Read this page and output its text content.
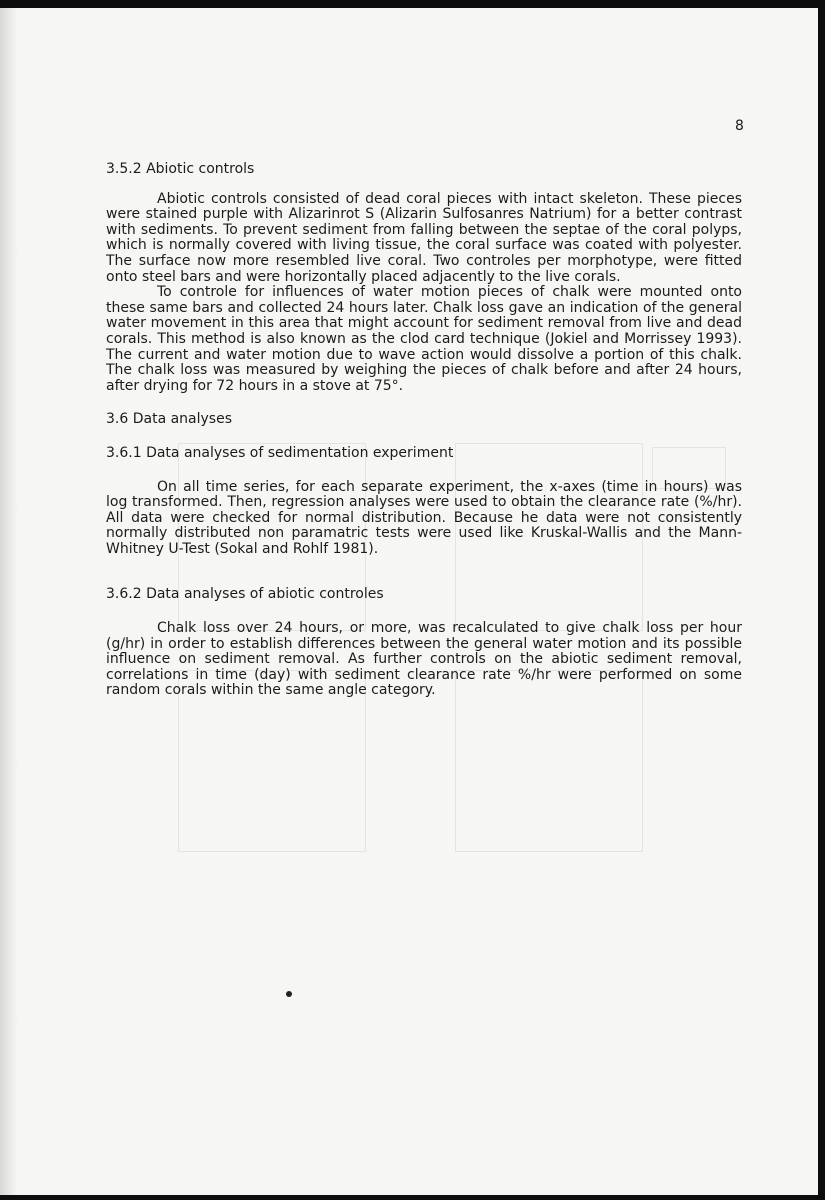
8
3.5.2 Abiotic controls

Abiotic controls consisted of dead coral pieces with intact skeleton. These pieces were stained purple with Alizarinrot S (Alizarin Sulfosanres Natrium) for a better contrast with sediments. To prevent sediment from falling between the septae of the coral polyps, which is normally covered with living tissue, the coral surface was coated with polyester. The surface now more resembled live coral. Two controles per morphotype, were fitted onto steel bars and were horizontally placed adjacently to the live corals.

To controle for influences of water motion pieces of chalk were mounted onto these same bars and collected 24 hours later. Chalk loss gave an indication of the general water movement in this area that might account for sediment removal from live and dead corals. This method is also known as the clod card technique (Jokiel and Morrissey 1993). The current and water motion due to wave action would dissolve a portion of this chalk. The chalk loss was measured by weighing the pieces of chalk before and after 24 hours, after drying for 72 hours in a stove at 75°.

3.6 Data analyses
3.6.1 Data analyses of sedimentation experiment

On all time series, for each separate experiment, the x-axes (time in hours) was log transformed. Then, regression analyses were used to obtain the clearance rate (%/hr). All data were checked for normal distribution. Because he data were not consistently normally distributed non paramatric tests were used like Kruskal-Wallis and the Mann-Whitney U-Test (Sokal and Rohlf 1981).

3.6.2 Data analyses of abiotic controles

Chalk loss over 24 hours, or more, was recalculated to give chalk loss per hour (g/hr) in order to establish differences between the general water motion and its possible influence on sediment removal. As further controls on the abiotic sediment removal, correlations in time (day) with sediment clearance rate %/hr were performed on some random corals within the same angle category.
